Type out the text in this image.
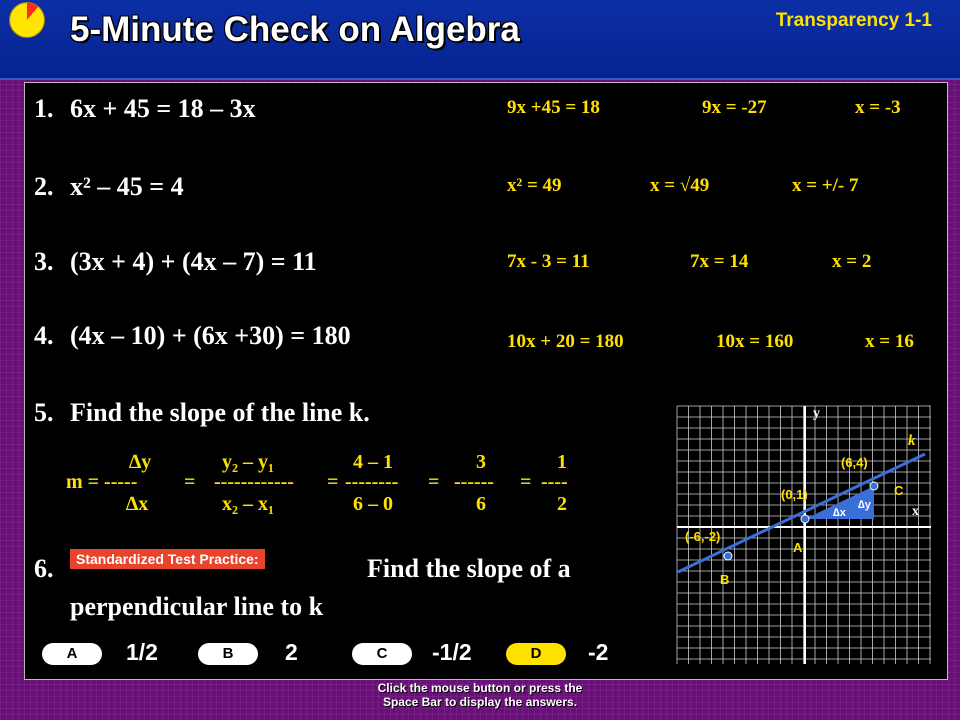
5-Minute Check on Algebra	Transparency 1-1
1. 6x + 45 = 18 – 3x
2. x² – 45 = 4
3. (3x + 4) + (4x – 7) = 11
4. (4x – 10) + (6x +30) = 180
5. Find the slope of the line k.
6.	Find the slope of a
perpendicular line to k
9x +45 = 18	9x = -27	x = -3
x² = 49	x = √49	x = +/- 7
7x - 3 = 11	7x = 14	x = 2
10x + 20 = 180	10x = 160	x = 16
∆y
m = -----
∆x
=
y₂ – y₁
------------
x₂ – x₁
=
4 – 1
--------
6 – 0
=
3
------
6
=
1
----
2
Standardized Test Practice:
A	1/2	B	2	C	-1/2	D	-2
y
x
k
(6,4)
C
(0,1)
A
(-6,-2)
B
∆x
∆y
Click the mouse button or press the
Space Bar to display the answers.
